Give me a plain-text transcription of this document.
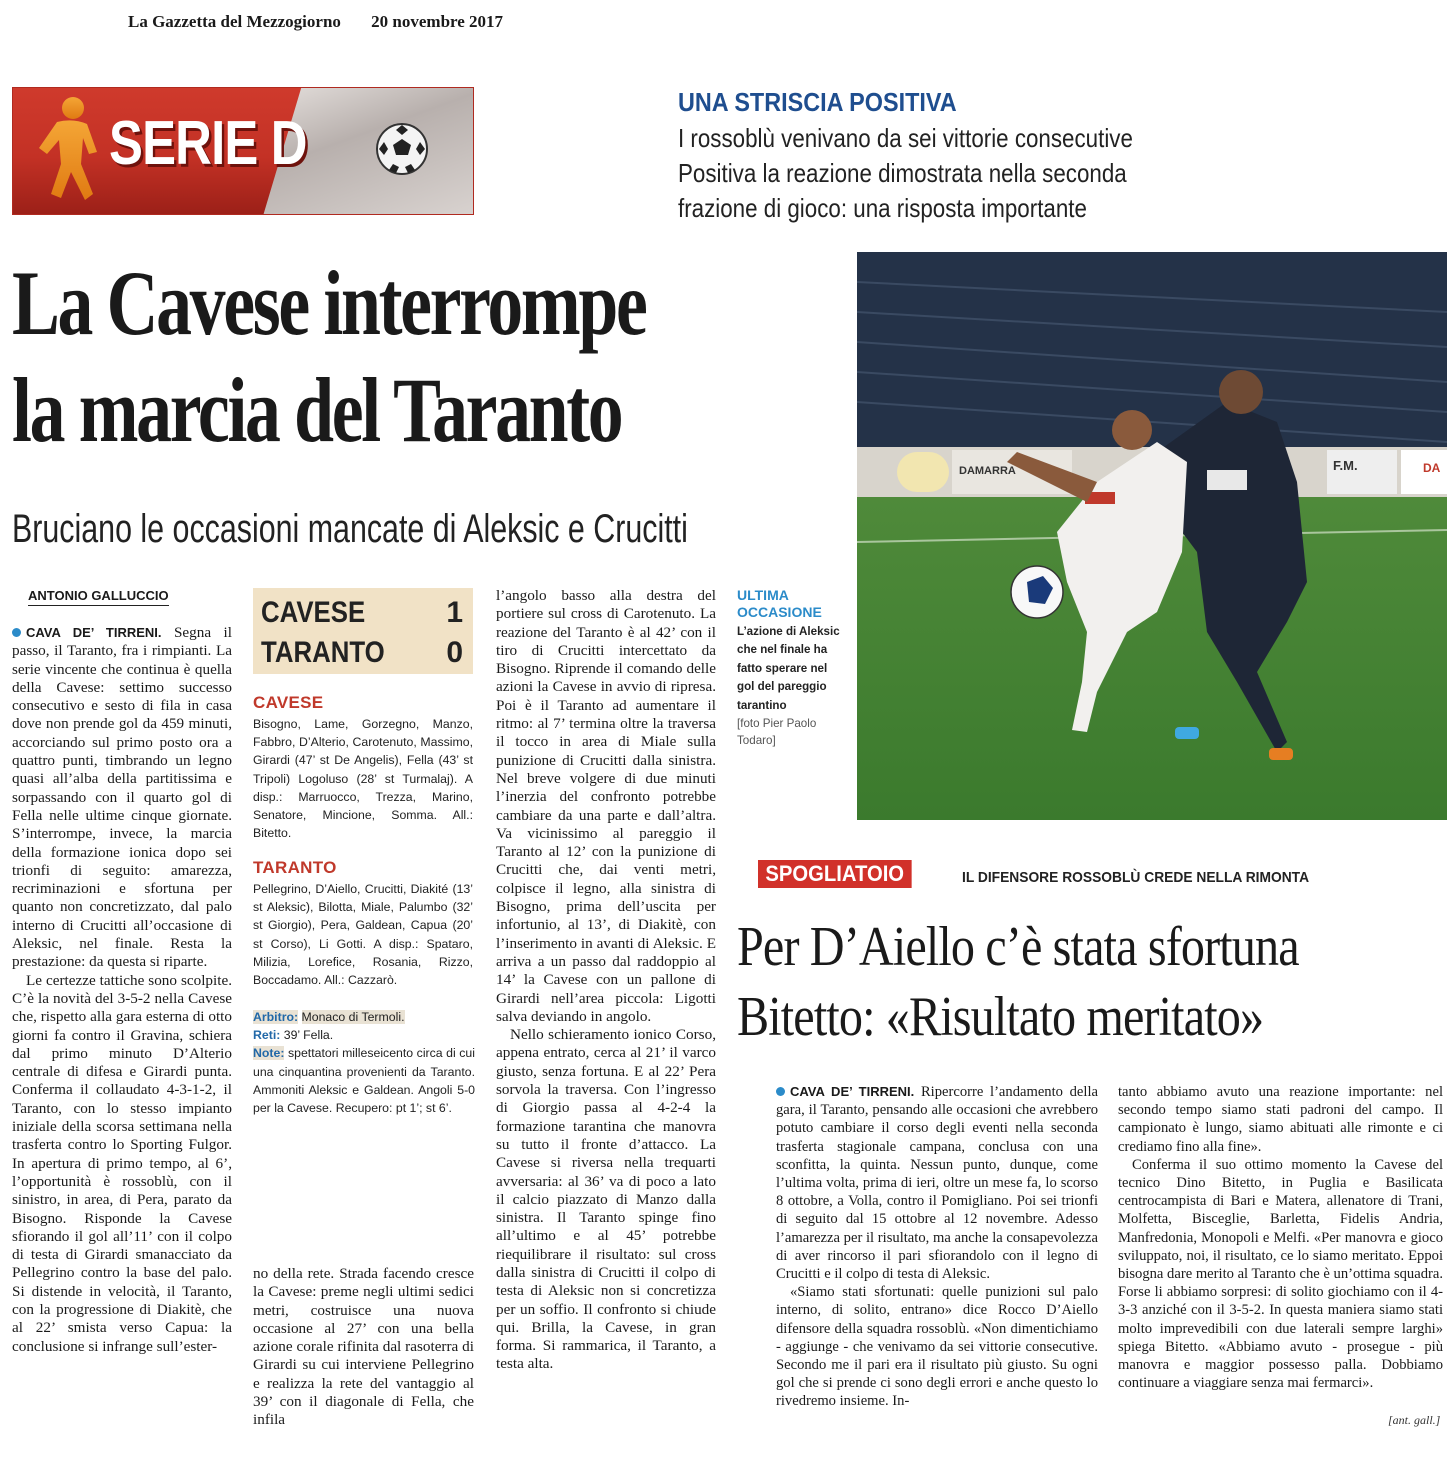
La Gazzetta del Mezzogiorno 20 novembre 2017
SERIE D
UNA STRISCIA POSITIVA
I rossoblù venivano da sei vittorie consecutive
Positiva la reazione dimostrata nella seconda
frazione di gioco: una risposta importante
La Cavese interrompe
la marcia del Taranto
Bruciano le occasioni mancate di Aleksic e Crucitti
DAMARRA	F.M.	DA
ANTONIO GALLUCCIO

CAVA DE’ TIRRENI. Segna il passo, il Taranto, fra i rimpianti. La serie vincente che continua è quella della Cavese: settimo successo consecutivo e sesto di fila in casa dove non prende gol da 459 minuti, accorciando sul primo posto ora a quattro punti, timbrando un legno quasi all’alba della partitissima e sorpassando con il quarto gol di Fella nelle ultime cinque giornate. S’interrompe, invece, la marcia della formazione ionica dopo sei trionfi di seguito: amarezza, recriminazioni e sfortuna per quanto non concretizzato, dal palo interno di Crucitti all’occasione di Aleksic, nel finale. Resta la prestazione: da questa si riparte.

Le certezze tattiche sono scolpite. C’è la novità del 3-5-2 nella Cavese che, rispetto alla gara esterna di otto giorni fa contro il Gravina, schiera dal primo minuto D’Alterio centrale di difesa e Girardi punta. Conferma il collaudato 4-3-1-2, il Taranto, con lo stesso impianto iniziale della scorsa settimana nella trasferta contro lo Sporting Fulgor. In apertura di primo tempo, al 6’, l’opportunità è rossoblù, con il sinistro, in area, di Pera, parato da Bisogno. Risponde la Cavese sfiorando il gol all’11’ con il colpo di testa di Girardi smanacciato da Pellegrino contro la base del palo. Si distende in velocità, il Taranto, con la progressione di Diakitè, che al 22’ smista verso Capua: la conclusione si infrange sull’ester-

CAVESE	1
TARANTO 0
CAVESE
Bisogno, Lame, Gorzegno, Manzo, Fabbro, D’Alterio, Carotenuto, Massimo, Girardi (47’ st De Angelis), Fella (43’ st Tripoli) Logoluso (28’ st Turmalaj). A disp.: Marruocco, Trezza, Marino, Senatore, Mincione, Somma. All.: Bitetto.
TARANTO
Pellegrino, D’Aiello, Crucitti, Diakité (13’ st Aleksic), Bilotta, Miale, Palumbo (32’ st Giorgio), Pera, Galdean, Capua (20’ st Corso), Li Gotti. A disp.: Spataro, Milizia, Lorefice, Rosania, Rizzo, Boccadamo. All.: Cazzarò.
Arbitro: Monaco di Termoli.
Reti: 39’ Fella.
Note: spettatori milleseicento circa di cui una cinquantina provenienti da Taranto. Ammoniti Aleksic e Galdean. Angoli 5-0 per la Cavese. Recupero: pt 1’; st 6’.

no della rete. Strada facendo cresce la Cavese: preme negli ultimi sedici metri, costruisce una nuova occasione al 27’ con una bella azione corale rifinita dal rasoterra di Girardi su cui interviene Pellegrino e realizza la rete del vantaggio al 39’ con il diagonale di Fella, che infila

l’angolo basso alla destra del portiere sul cross di Carotenuto. La reazione del Taranto è al 42’ con il tiro di Crucitti intercettato da Bisogno. Riprende il comando delle azioni la Cavese in avvio di ripresa. Poi è il Taranto ad aumentare il ritmo: al 7’ termina oltre la traversa il tocco in area di Miale sulla punizione di Crucitti dalla sinistra. Nel breve volgere di due minuti l’inerzia del confronto potrebbe cambiare da una parte e dall’altra. Va vicinissimo al pareggio il Taranto al 12’ con la punizione di Crucitti che, dai venti metri, colpisce il legno, alla sinistra di Bisogno, prima dell’uscita per infortunio, al 13’, di Diakitè, con l’inserimento in avanti di Aleksic. E arriva a un passo dal raddoppio al 14’ la Cavese con un pallone di Girardi nell’area piccola: Ligotti salva deviando in angolo.

Nello schieramento ionico Corso, appena entrato, cerca al 21’ il varco giusto, senza fortuna. E al 22’ Pera sorvola la traversa. Con l’ingresso di Giorgio passa al 4-2-4 la formazione tarantina che manovra su tutto il fronte d’attacco. La Cavese si riversa nella trequarti avversaria: al 36’ va di poco a lato il calcio piazzato di Manzo dalla sinistra. Il Taranto spinge fino all’ultimo e al 45’ potrebbe riequilibrare il risultato: sul cross dalla sinistra di Crucitti il colpo di testa di Aleksic non si concretizza per un soffio. Il confronto si chiude qui. Brilla, la Cavese, in gran forma. Si rammarica, il Taranto, a testa alta.

ULTIMA OCCASIONE
L’azione di Aleksic che nel finale ha fatto sperare nel gol del pareggio tarantino
[foto Pier Paolo Todaro]
SPOGLIATOIO	IL DIFENSORE ROSSOBLÙ CREDE NELLA RIMONTA
Per D’Aiello c’è stata sfortuna
Bitetto: «Risultato meritato»

CAVA DE’ TIRRENI. Ripercorre l’andamento della gara, il Taranto, pensando alle occasioni che avrebbero potuto cambiare il corso degli eventi nella seconda trasferta stagionale campana, conclusa con una sconfitta, la quinta. Nessun punto, dunque, come l’ultima volta, prima di ieri, oltre un mese fa, lo scorso 8 ottobre, a Volla, contro il Pomigliano. Poi sei trionfi di seguito dal 15 ottobre al 12 novembre. Adesso l’amarezza per il risultato, ma anche la consapevolezza di aver rincorso il pari sfiorandolo con il legno di Crucitti e il colpo di testa di Aleksic.

«Siamo stati sfortunati: quelle punizioni sul palo interno, di solito, entrano» dice Rocco D’Aiello difensore della squadra rossoblù. «Non dimentichiamo - aggiunge - che venivamo da sei vittorie consecutive. Secondo me il pari era il risultato più giusto. Su ogni gol che si prende ci sono degli errori e anche questo lo rivedremo insieme. In-

tanto abbiamo avuto una reazione importante: nel secondo tempo siamo stati padroni del campo. Il campionato è lungo, siamo abituati alle rimonte e ci crediamo fino alla fine».

Conferma il suo ottimo momento la Cavese del tecnico Dino Bitetto, in Puglia e Basilicata centrocampista di Bari e Matera, allenatore di Trani, Molfetta, Bisceglie, Barletta, Fidelis Andria, Manfredonia, Monopoli e Melfi. «Per manovra e gioco sviluppato, noi, il risultato, ce lo siamo meritato. Eppoi bisogna dare merito al Taranto che è un’ottima squadra. Forse li abbiamo sorpresi: di solito giochiamo con il 4-3-3 anziché con il 3-5-2. In questa maniera siamo stati molto imprevedibili con due laterali sempre larghi» spiega Bitetto. «Abbiamo avuto - prosegue - più manovra e maggior possesso palla. Dobbiamo continuare a viaggiare senza mai fermarci».

[ant. gall.]
